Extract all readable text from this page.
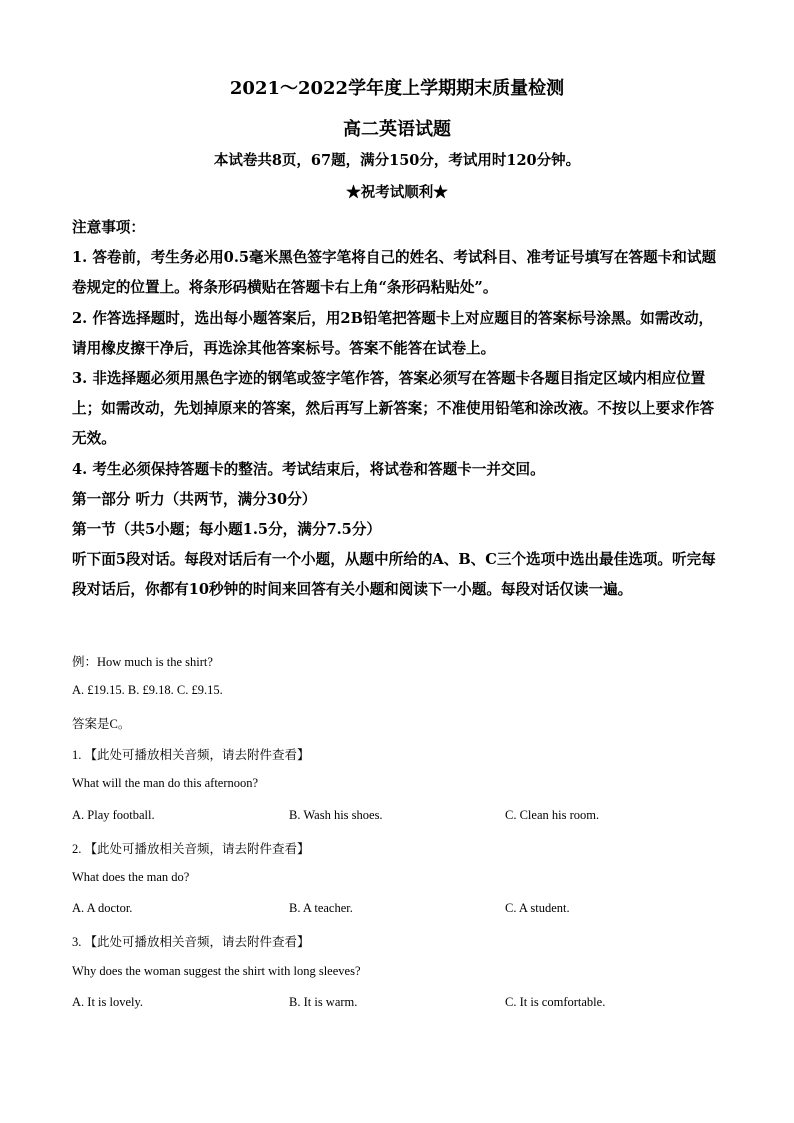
2021～2022学年度上学期期末质量检测
高二英语试题
本试卷共8页，67题，满分150分，考试用时120分钟。
★祝考试顺利★

注意事项：

1. 答卷前，考生务必用0.5毫米黑色签字笔将自己的姓名、考试科目、准考证号填写在答题卡和试题卷规定的位置上。将条形码横贴在答题卡右上角“条形码粘贴处”。

2. 作答选择题时，选出每小题答案后，用2B铅笔把答题卡上对应题目的答案标号涂黑。如需改动，请用橡皮擦干净后，再选涂其他答案标号。答案不能答在试卷上。

3. 非选择题必须用黑色字迹的钢笔或签字笔作答，答案必须写在答题卡各题目指定区域内相应位置上；如需改动，先划掉原来的答案，然后再写上新答案；不准使用铅笔和涂改液。不按以上要求作答无效。

4. 考生必须保持答题卡的整洁。考试结束后，将试卷和答题卡一并交回。

第一部分 听力（共两节，满分30分）

第一节（共5小题；每小题1.5分，满分7.5分）

听下面5段对话。每段对话后有一个小题，从题中所给的A、B、C三个选项中选出最佳选项。听完每段对话后，你都有10秒钟的时间来回答有关小题和阅读下一小题。每段对话仅读一遍。

例：How much is the shirt?
A. £19.15. B. £9.18. C. £9.15.
答案是C。
1. 【此处可播放相关音频，请去附件查看】
What will the man do this afternoon?
A. Play football.	B. Wash his shoes.	C. Clean his room.
2. 【此处可播放相关音频，请去附件查看】
What does the man do?
A. A doctor.	B. A teacher.	C. A student.
3. 【此处可播放相关音频，请去附件查看】
Why does the woman suggest the shirt with long sleeves?
A. It is lovely.	B. It is warm.	C. It is comfortable.
